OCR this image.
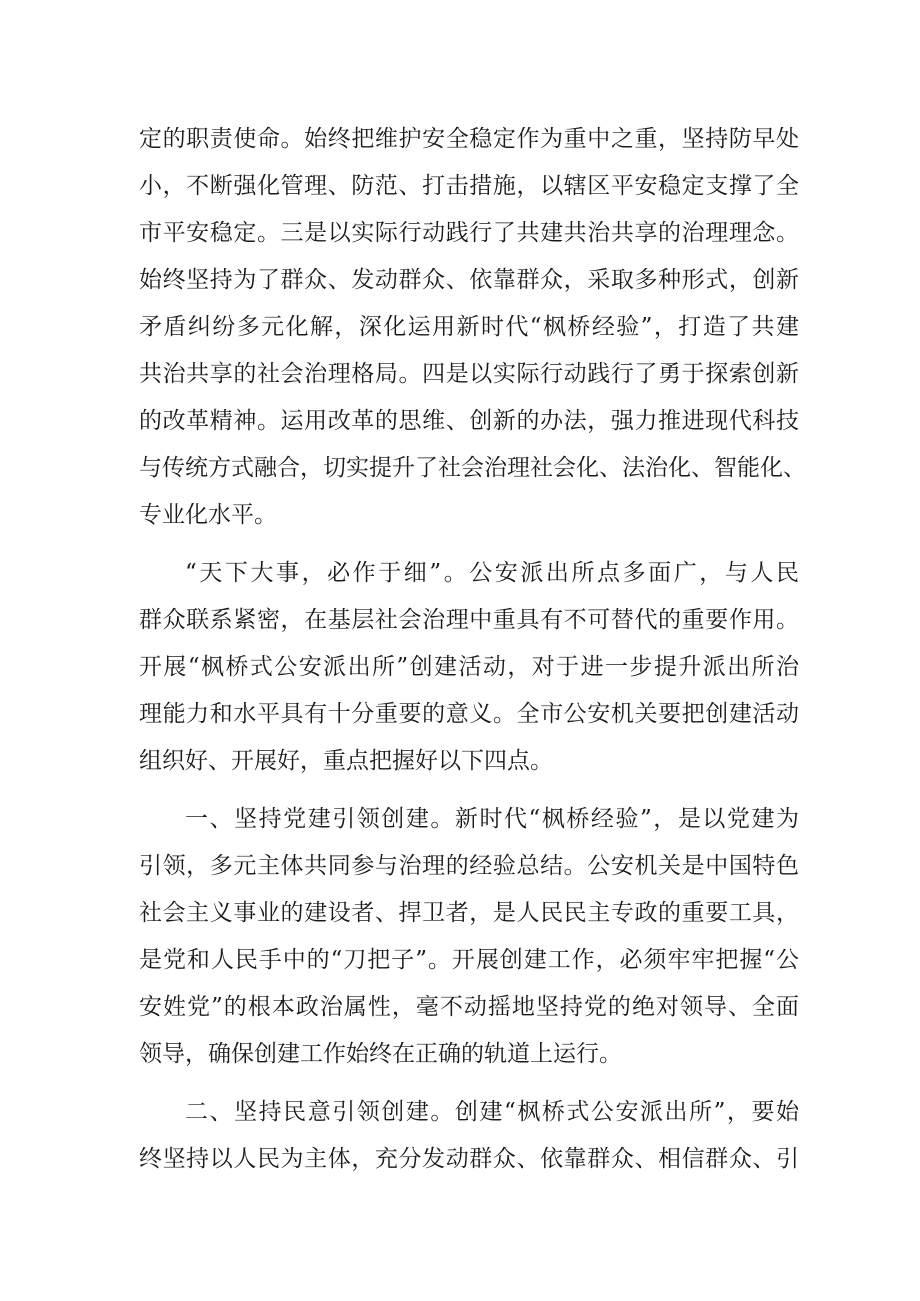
定的职责使命。始终把维护安全稳定作为重中之重，坚持防早处
小，不断强化管理、防范、打击措施，以辖区平安稳定支撑了全
市平安稳定。三是以实际行动践行了共建共治共享的治理理念。
始终坚持为了群众、发动群众、依靠群众，采取多种形式，创新
矛盾纠纷多元化解，深化运用新时代“枫桥经验”，打造了共建
共治共享的社会治理格局。四是以实际行动践行了勇于探索创新
的改革精神。运用改革的思维、创新的办法，强力推进现代科技
与传统方式融合，切实提升了社会治理社会化、法治化、智能化、
专业化水平。
“天下大事，必作于细”。公安派出所点多面广，与人民
群众联系紧密，在基层社会治理中重具有不可替代的重要作用。
开展“枫桥式公安派出所”创建活动，对于进一步提升派出所治
理能力和水平具有十分重要的意义。全市公安机关要把创建活动
组织好、开展好，重点把握好以下四点。
一、坚持党建引领创建。新时代“枫桥经验”，是以党建为
引领，多元主体共同参与治理的经验总结。公安机关是中国特色
社会主义事业的建设者、捍卫者，是人民民主专政的重要工具，
是党和人民手中的“刀把子”。开展创建工作，必须牢牢把握“公
安姓党”的根本政治属性，毫不动摇地坚持党的绝对领导、全面
领导，确保创建工作始终在正确的轨道上运行。
二、坚持民意引领创建。创建“枫桥式公安派出所”，要始
终坚持以人民为主体，充分发动群众、依靠群众、相信群众、引
